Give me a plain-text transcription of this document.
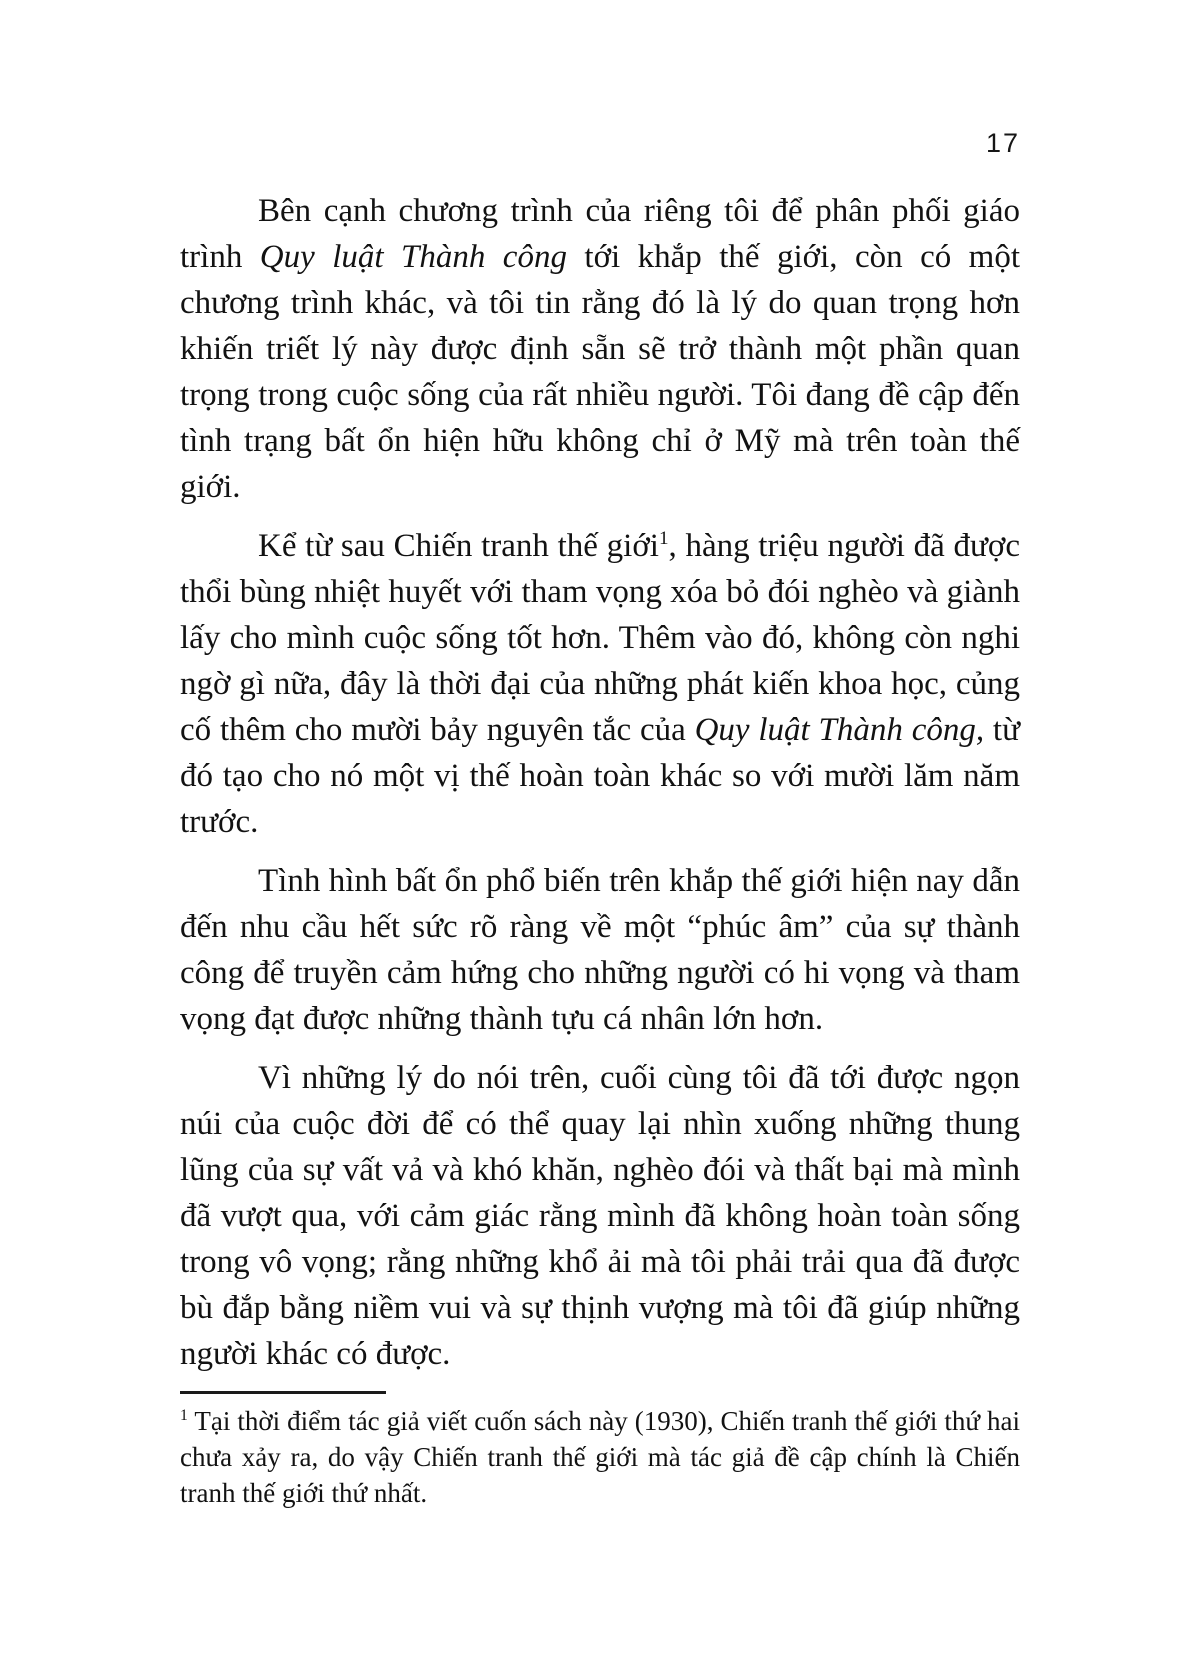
17

Bên cạnh chương trình của riêng tôi để phân phối giáo trình Quy luật Thành công tới khắp thế giới, còn có một chương trình khác, và tôi tin rằng đó là lý do quan trọng hơn khiến triết lý này được định sẵn sẽ trở thành một phần quan trọng trong cuộc sống của rất nhiều người. Tôi đang đề cập đến tình trạng bất ổn hiện hữu không chỉ ở Mỹ mà trên toàn thế giới.

Kể từ sau Chiến tranh thế giới$^1$, hàng triệu người đã được thổi bùng nhiệt huyết với tham vọng xóa bỏ đói nghèo và giành lấy cho mình cuộc sống tốt hơn. Thêm vào đó, không còn nghi ngờ gì nữa, đây là thời đại của những phát kiến khoa học, củng cố thêm cho mười bảy nguyên tắc của Quy luật Thành công, từ đó tạo cho nó một vị thế hoàn toàn khác so với mười lăm năm trước.

Tình hình bất ổn phổ biến trên khắp thế giới hiện nay dẫn đến nhu cầu hết sức rõ ràng về một “phúc âm” của sự thành công để truyền cảm hứng cho những người có hi vọng và tham vọng đạt được những thành tựu cá nhân lớn hơn.

Vì những lý do nói trên, cuối cùng tôi đã tới được ngọn núi của cuộc đời để có thể quay lại nhìn xuống những thung lũng của sự vất vả và khó khăn, nghèo đói và thất bại mà mình đã vượt qua, với cảm giác rằng mình đã không hoàn toàn sống trong vô vọng; rằng những khổ ải mà tôi phải trải qua đã được bù đắp bằng niềm vui và sự thịnh vượng mà tôi đã giúp những người khác có được.

$^1$ Tại thời điểm tác giả viết cuốn sách này (1930), Chiến tranh thế giới thứ hai chưa xảy ra, do vậy Chiến tranh thế giới mà tác giả đề cập chính là Chiến tranh thế giới thứ nhất.
